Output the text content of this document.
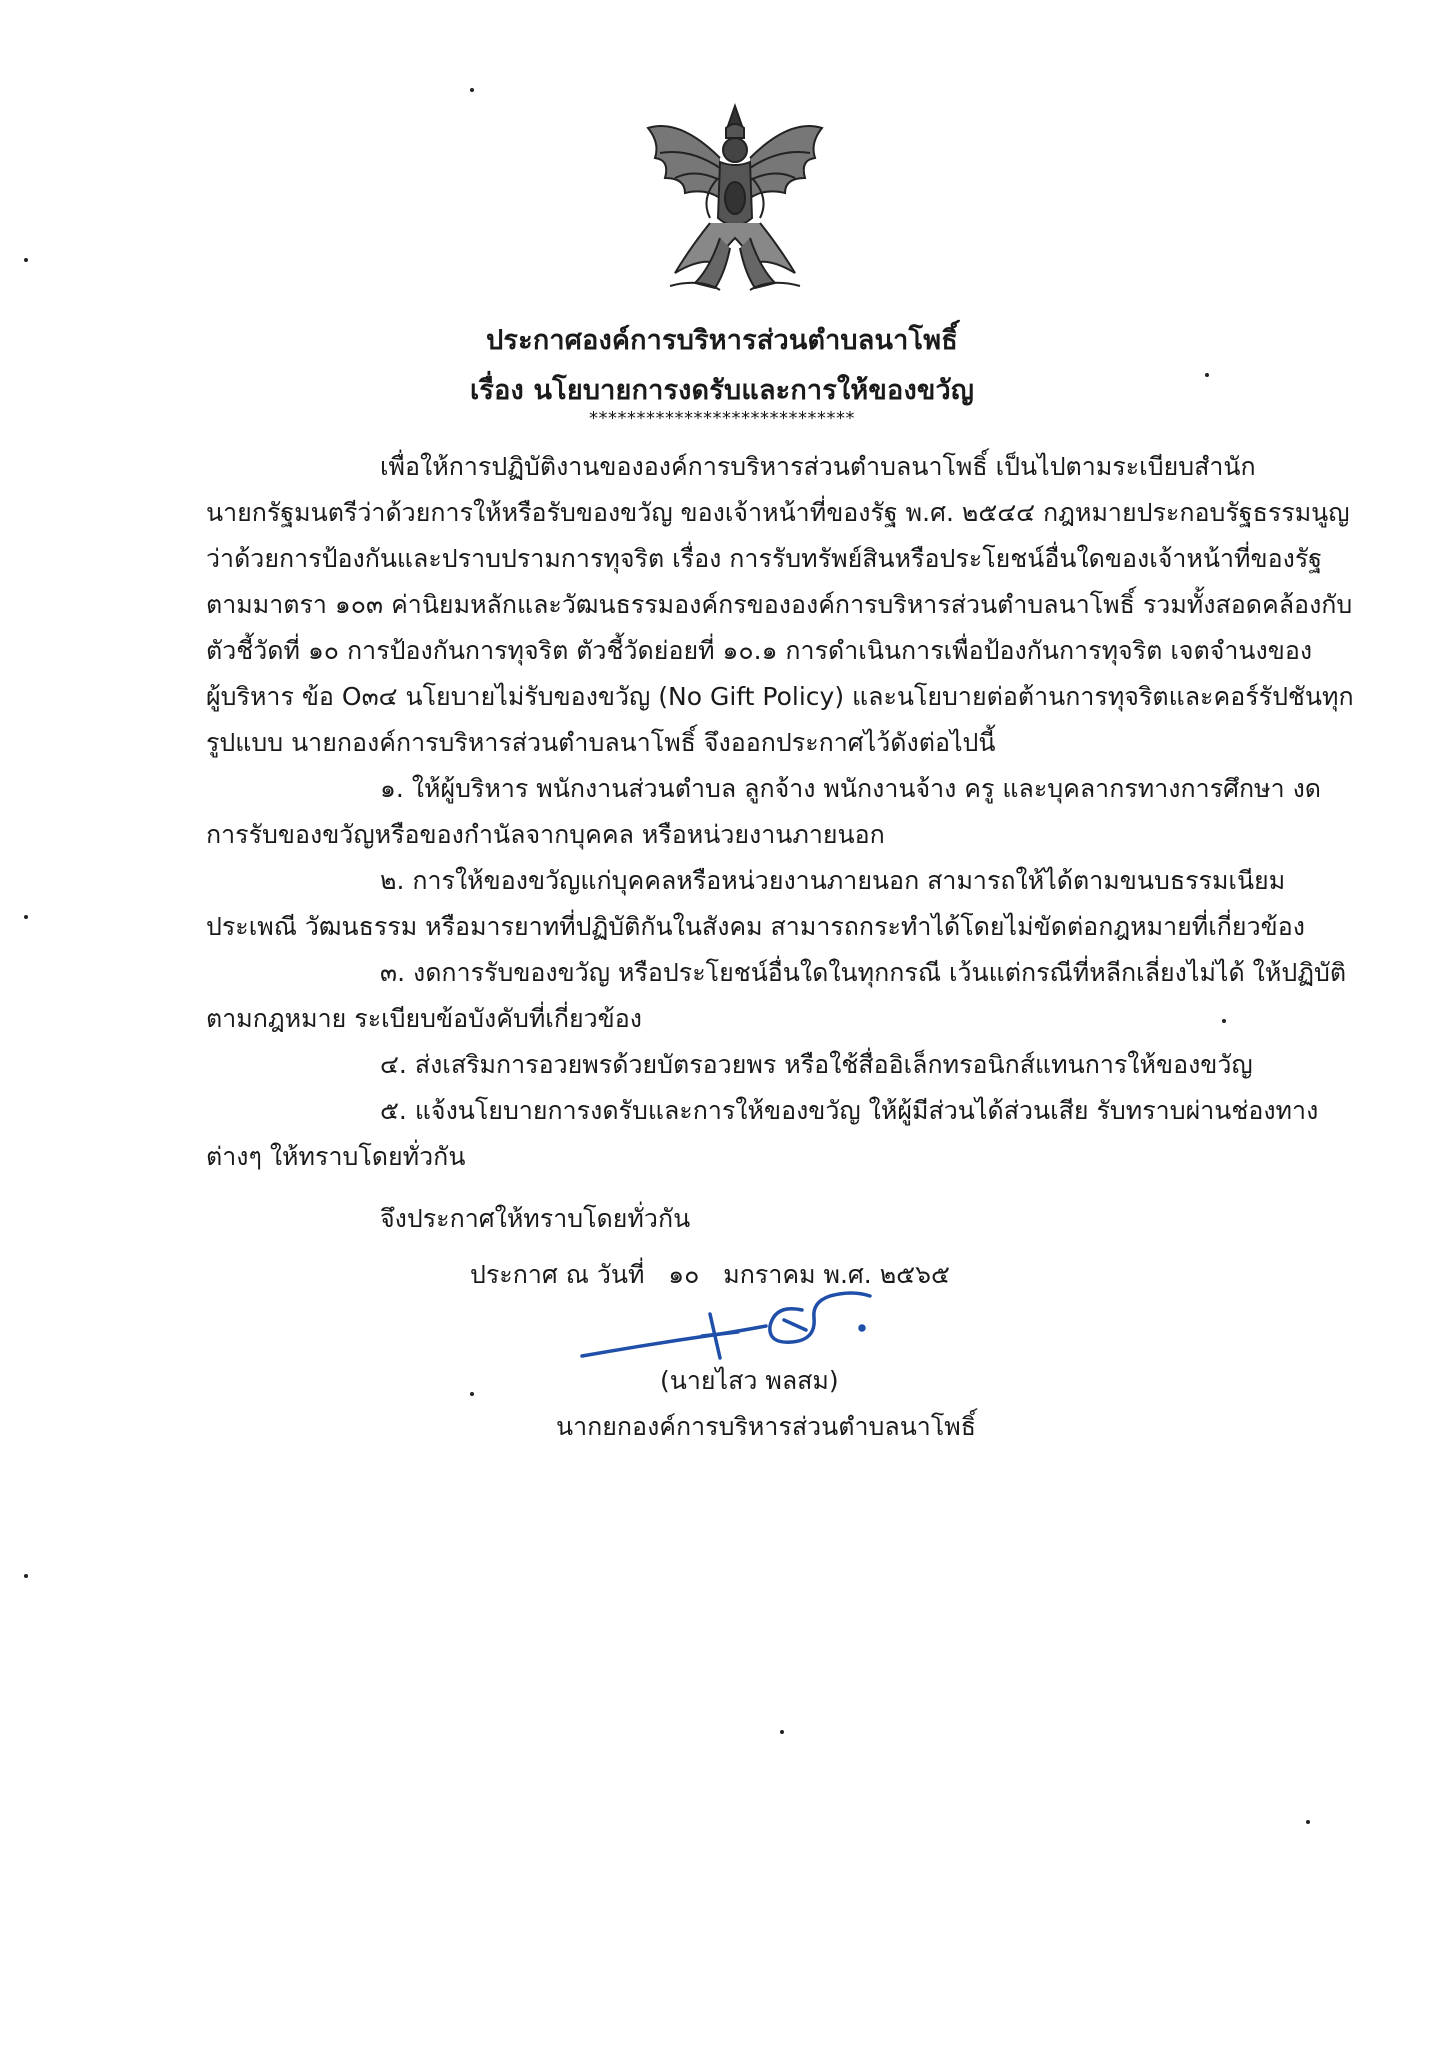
ประกาศองค์การบริหารส่วนตำบลนาโพธิ์
เรื่อง นโยบายการงดรับและการให้ของขวัญ
****************************
เพื่อให้การปฏิบัติงานขององค์การบริหารส่วนตำบลนาโพธิ์ เป็นไปตามระเบียบสำนัก
นายกรัฐมนตรีว่าด้วยการให้หรือรับของขวัญ ของเจ้าหน้าที่ของรัฐ พ.ศ. ๒๕๔๔ กฎหมายประกอบรัฐธรรมนูญ
ว่าด้วยการป้องกันและปราบปรามการทุจริต เรื่อง การรับทรัพย์สินหรือประโยชน์อื่นใดของเจ้าหน้าที่ของรัฐ
ตามมาตรา ๑๐๓ ค่านิยมหลักและวัฒนธรรมองค์กรขององค์การบริหารส่วนตำบลนาโพธิ์ รวมทั้งสอดคล้องกับ
ตัวชี้วัดที่ ๑๐ การป้องกันการทุจริต ตัวชี้วัดย่อยที่ ๑๐.๑ การดำเนินการเพื่อป้องกันการทุจริต เจตจำนงของ
ผู้บริหาร ข้อ O๓๔ นโยบายไม่รับของขวัญ (No Gift Policy) และนโยบายต่อต้านการทุจริตและคอร์รัปชันทุก
รูปแบบ นายกองค์การบริหารส่วนตำบลนาโพธิ์ จึงออกประกาศไว้ดังต่อไปนี้
๑. ให้ผู้บริหาร พนักงานส่วนตำบล ลูกจ้าง พนักงานจ้าง ครู และบุคลากรทางการศึกษา งด
การรับของขวัญหรือของกำนัลจากบุคคล หรือหน่วยงานภายนอก
๒. การให้ของขวัญแก่บุคคลหรือหน่วยงานภายนอก สามารถให้ได้ตามขนบธรรมเนียม
ประเพณี วัฒนธรรม หรือมารยาทที่ปฏิบัติกันในสังคม สามารถกระทำได้โดยไม่ขัดต่อกฎหมายที่เกี่ยวข้อง
๓. งดการรับของขวัญ หรือประโยชน์อื่นใดในทุกกรณี เว้นแต่กรณีที่หลีกเลี่ยงไม่ได้ ให้ปฏิบัติ
ตามกฎหมาย ระเบียบข้อบังคับที่เกี่ยวข้อง
๔. ส่งเสริมการอวยพรด้วยบัตรอวยพร หรือใช้สื่ออิเล็กทรอนิกส์แทนการให้ของขวัญ
๕. แจ้งนโยบายการงดรับและการให้ของขวัญ ให้ผู้มีส่วนได้ส่วนเสีย รับทราบผ่านช่องทาง
ต่างๆ ให้ทราบโดยทั่วกัน
จึงประกาศให้ทราบโดยทั่วกัน
ประกาศ ณ วันที่   ๑๐   มกราคม พ.ศ. ๒๕๖๕
(นายไสว พลสม)
นากยกองค์การบริหารส่วนตำบลนาโพธิ์
